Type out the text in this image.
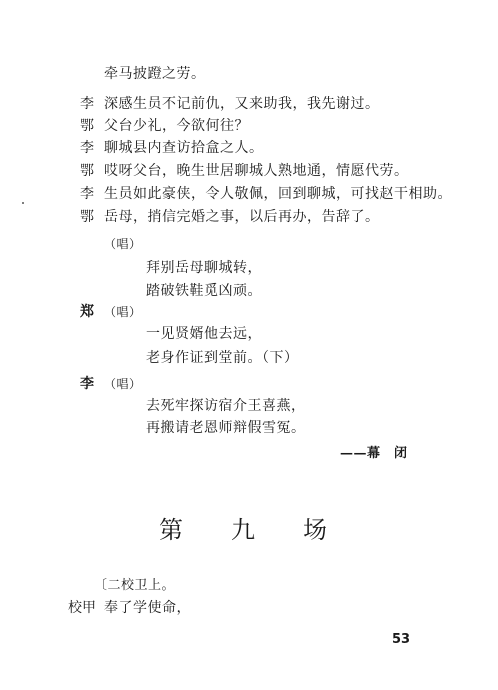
牵马披蹬之劳。
李 深感生员不记前仇，又来助我，我先谢过。
鄂 父台少礼，今欲何往？
李 聊城县内查访拾盒之人。
鄂 哎呀父台，晚生世居聊城人熟地通，情愿代劳。
李 生员如此豪侠，令人敬佩，回到聊城，可找赵干相助。
鄂 岳母，捎信完婚之事，以后再办，告辞了。
（唱）
拜别岳母聊城转，
踏破铁鞋觅凶顽。
郑 （唱）
一见贤婿他去远，
老身作证到堂前。（下）
李 （唱）
去死牢探访宿介王喜燕，
再搬请老恩师辩假雪冤。
——幕　闭
第　九　场
〔二校卫上。
校甲 奉了学使命，
53
